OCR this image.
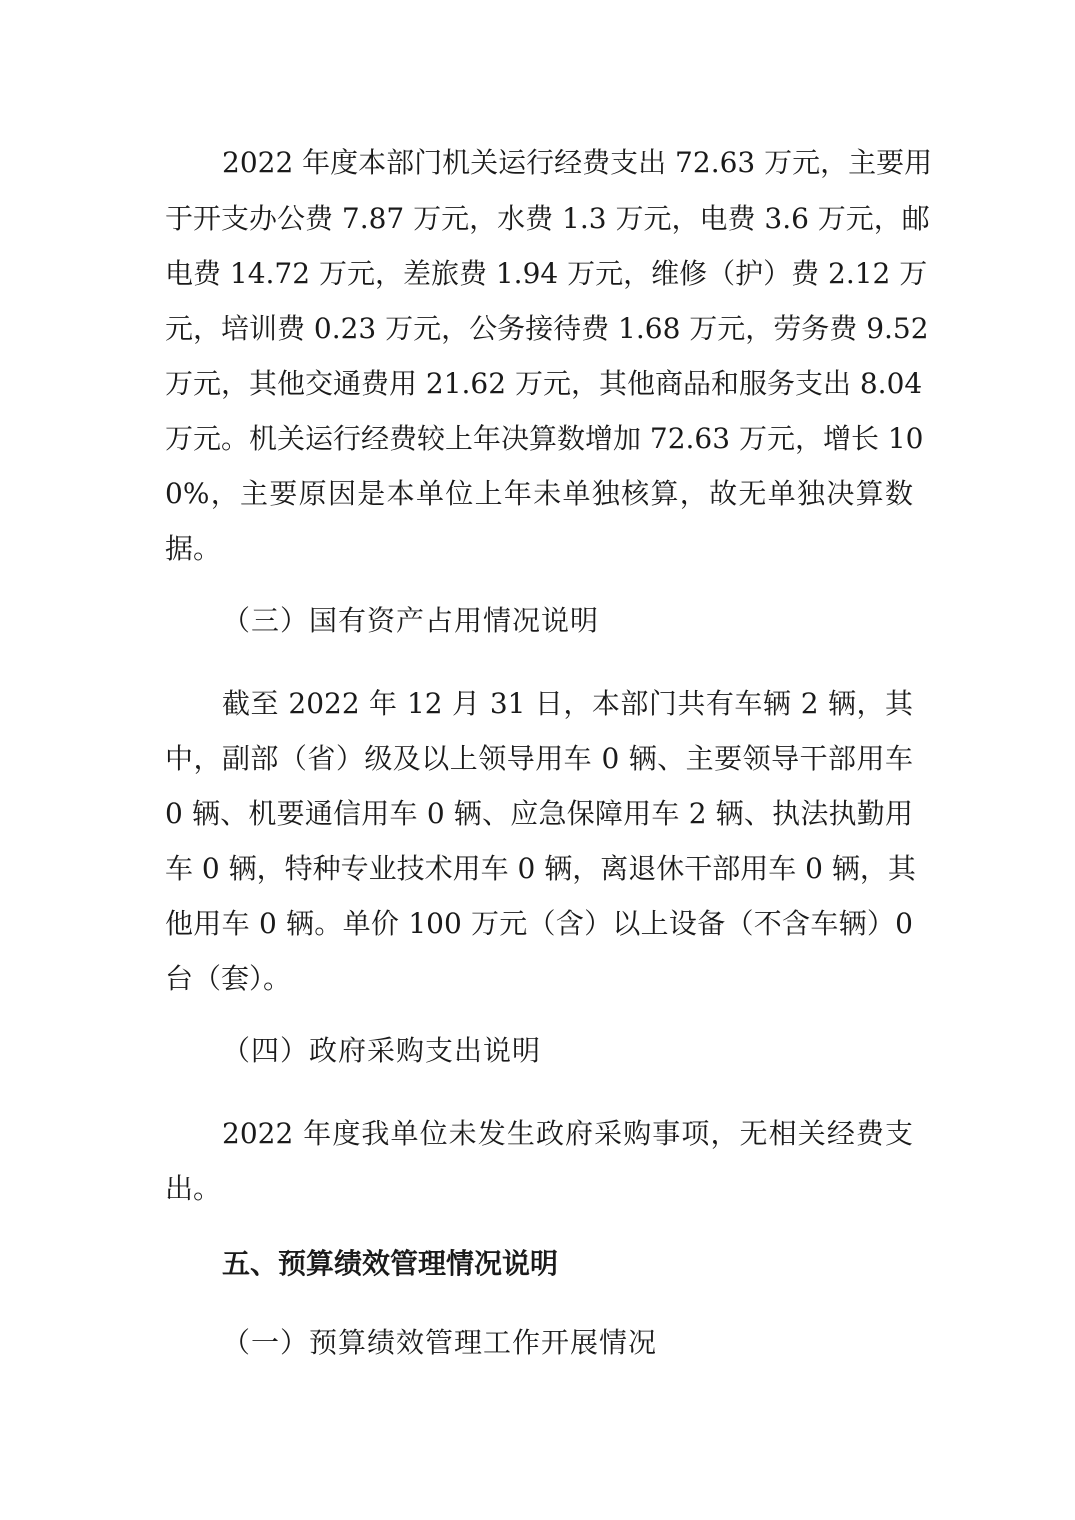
2022 年度本部门机关运行经费支出 72.63 万元，主要用
于开支办公费 7.87 万元，水费 1.3 万元，电费 3.6 万元，邮
电费 14.72 万元，差旅费 1.94 万元，维修（护）费 2.12 万
元，培训费 0.23 万元，公务接待费 1.68 万元，劳务费 9.52
万元，其他交通费用 21.62 万元，其他商品和服务支出 8.04
万元。机关运行经费较上年决算数增加 72.63 万元，增长 10
0%，主要原因是本单位上年未单独核算，故无单独决算数
据。
（三）国有资产占用情况说明
截至 2022 年 12 月 31 日，本部门共有车辆 2 辆，其
中，副部（省）级及以上领导用车 0 辆、主要领导干部用车
0 辆、机要通信用车 0 辆、应急保障用车 2 辆、执法执勤用
车 0 辆，特种专业技术用车 0 辆，离退休干部用车 0 辆，其
他用车 0 辆。单价 100 万元（含）以上设备（不含车辆）0
台（套）。
（四）政府采购支出说明
2022 年度我单位未发生政府采购事项，无相关经费支
出。
五、预算绩效管理情况说明
（一）预算绩效管理工作开展情况
